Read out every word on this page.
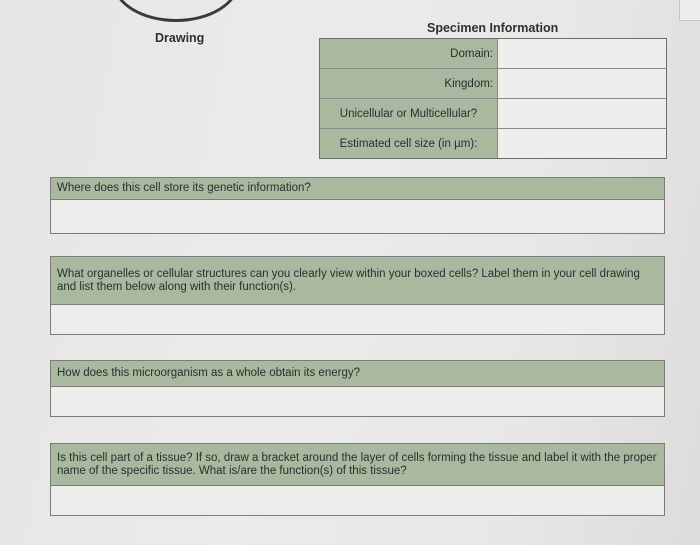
Drawing
Specimen Information
Domain:
Kingdom:
Unicellular or Multicellular?
Estimated cell size (in µm):
Where does this cell store its genetic information?
What organelles or cellular structures can you clearly view within your boxed cells? Label them in your cell drawing and list them below along with their function(s).
How does this microorganism as a whole obtain its energy?
Is this cell part of a tissue? If so, draw a bracket around the layer of cells forming the tissue and label it with the proper name of the specific tissue. What is/are the function(s) of this tissue?
